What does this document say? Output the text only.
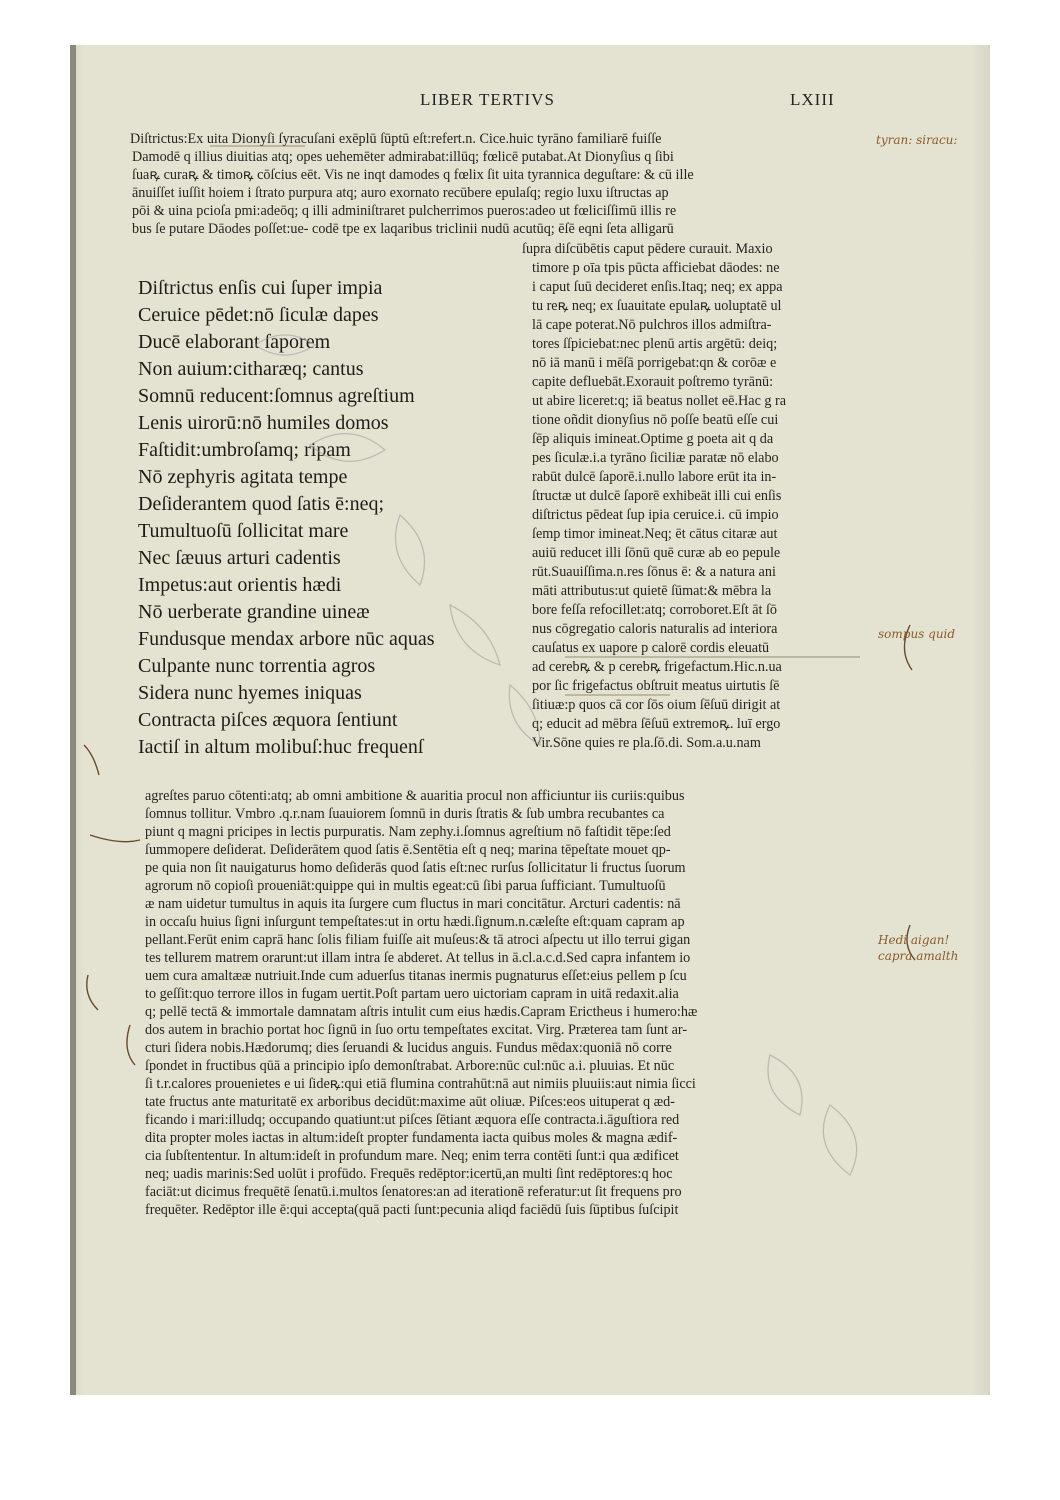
LIBER TERTIVS	LXIII
Diſtrictus:Ex uita Dionyſi ſyracuſani exēplū ſūptū eſt:refert.n. Cice.huic tyrāno familiarē fuiſſe
Damodē q illius diuitias atq; opes uehemēter admirabat:illūq; fœlicē putabat.At Dionyſius q ſibi
ſuaꝶ curaꝶ & timoꝶ cōſcius eēt. Vis ne inqt damodes q fœlix ſit uita tyrannica deguſtare: & cū ille
ānuiſſet iuſſit hoiem i ſtrato purpura atq; auro exornato recūbere epulaſq; regio luxu iſtructas ap
pōi & uina pcioſa pmi:adeōq; q illi adminiſtraret pulcherrimos pueros:adeo ut fœliciſſimū illis re
bus ſe putare Dāodes poſſet:ue- codē tpe ex laqaribus triclinii nudū acutūq; ēſē eqni ſeta alligarū
ſupra diſcūbētis caput pēdere curauit. Maxio
timore p oīa tpis pūcta afficiebat dāodes: ne
i caput ſuū decideret enſis.Itaq; neq; ex appa
tu reꝶ neq; ex ſuauitate epulaꝶ uoluptatē ul
lā cape poterat.Nō pulchros illos admiſtra-
tores ſſpiciebat:nec plenū artis argētū: deiq;
nō iā manū i mēſā porrigebat:qn & corōæ e
capite defluebāt.Exorauit poſtremo tyrānū:
ut abire liceret:q; iā beatus nollet eē.Hac g ra
tione oñdit dionyſius nō poſſe beatū eſſe cui
ſēp aliquis imineat.Optime g poeta ait q da
pes ſiculæ.i.a tyrāno ſiciliæ paratæ nō elabo
rabūt dulcē ſaporē.i.nullo labore erūt ita in-
ſtructæ ut dulcē ſaporē exhibeāt illi cui enſis
diſtrictus pēdeat ſup ipia ceruice.i. cū impio
ſemp timor imineat.Neq; ēt cātus citaræ aut
auiū reducet illi ſōnū quē curæ ab eo pepule
rūt.Suauiſſima.n.res ſōnus ē: & a natura ani
māti attributus:ut quietē ſūmat:& mēbra la
bore feſſa refocillet:atq; corroboret.Eſt āt ſō
nus cōgregatio caloris naturalis ad interiora
cauſatus ex uapore p calorē cordis eleuatū
ad cerebꝶ & p cerebꝶ frigefactum.Hic.n.ua
por ſic frigefactus obſtruit meatus uirtutis ſē
ſitiuæ:p quos cā cor ſōs oium ſēſuū dirigit at
q; educit ad mēbra ſēſuū extremoꝶ. luī ergo
Vir.Sōne quies re pla.ſō.di. Som.a.u.nam
Diſtrictus enſis cui ſuper impia
Ceruice pēdet:nō ſiculæ dapes
Ducē elaborant ſaporem
Non auium:citharæq; cantus
Somnū reducent:ſomnus agreſtium
Lenis uirorū:nō humiles domos
Faſtidit:umbroſamq; ripam
Nō zephyris agitata tempe
Deſiderantem quod ſatis ē:neq;
Tumultuoſū ſollicitat mare
Nec ſæuus arturi cadentis
Impetus:aut orientis hædi
Nō uerberate grandine uineæ
Fundusque mendax arbore nūc aquas
Culpante nunc torrentia agros
Sidera nunc hyemes iniquas
Contracta piſces æquora ſentiunt
Iactiſ in altum molibuſ:huc frequenſ
agreſtes paruo cōtenti:atq; ab omni ambitione & auaritia procul non afficiuntur iis curiis:quibus
ſomnus tollitur. Vmbro .q.r.nam ſuauiorem ſomnū in duris ſtratis & ſub umbra recubantes ca
piunt q magni pricipes in lectis purpuratis. Nam zephy.i.ſomnus agreſtium nō faſtidit tēpe:ſed
ſummopere deſiderat. Deſiderātem quod ſatis ē.Sentētia eſt q neq; marina tēpeſtate mouet qp-
pe quia non ſit nauigaturus homo deſiderās quod ſatis eſt:nec rurſus ſollicitatur li fructus ſuorum
agrorum nō copioſi proueniāt:quippe qui in multis egeat:cū ſibi parua ſufficiant. Tumultuoſū
æ nam uidetur tumultus in aquis ita ſurgere cum fluctus in mari concitātur. Arcturi cadentis: nā
in occaſu huius ſigni inſurgunt tempeſtates:ut in ortu hædi.ſignum.n.cæleſte eſt:quam capram ap
pellant.Ferūt enim caprā hanc ſolis filiam fuiſſe ait muſeus:& tā atroci aſpectu ut illo terrui gigan
tes tellurem matrem orarunt:ut illam intra ſe abderet. At tellus in ā.cl.a.c.d.Sed capra infantem io
uem cura amaltææ nutriuit.Inde cum aduerſus titanas inermis pugnaturus eſſet:eius pellem p ſcu
to geſſit:quo terrore illos in fugam uertit.Poſt partam uero uictoriam capram in uitā redaxit.alia
q; pellē tectā & immortale damnatam aſtris intulit cum eius hædis.Capram Erictheus i humero:hæ
dos autem in brachio portat hoc ſignū in ſuo ortu tempeſtates excitat. Virg. Præterea tam ſunt ar-
cturi ſidera nobis.Hædorumq; dies ſeruandi & lucidus anguis. Fundus mēdax:quoniā nō corre
ſpondet in fructibus qūā a principio ipſo demonſtrabat. Arbore:nūc cul:nūc a.i. pluuias. Et nūc
ſi t.r.calores prouenietes e ui ſideꝶ:qui etiā flumina contrahūt:nā aut nimiis pluuiis:aut nimia ſicci
tate fructus ante maturitatē ex arboribus decidūt:maxime aūt oliuæ. Piſces:eos uituperat q æd-
ficando i mari:illudq; occupando quatiunt:ut piſces ſētiant æquora eſſe contracta.i.āguſtiora red
dita propter moles iactas in altum:ideſt propter fundamenta iacta quibus moles & magna ædif-
cia ſubſtententur. In altum:ideſt in profundum mare. Neq; enim terra contēti ſunt:i qua ædificet
neq; uadis marinis:Sed uolūt i profūdo. Frequēs redēptor:icertū,an multi ſint redēptores:q hoc
faciāt:ut dicimus frequētē ſenatū.i.multos ſenatores:an ad iterationē referatur:ut ſit frequens pro
frequēter. Redēptor ille ē:qui accepta(quā pacti ſunt:pecunia aliqd faciēdū ſuis ſūptibus ſuſcipit
tyran: siracu:
sompus quid
Hedi aigan!
capra amalth
